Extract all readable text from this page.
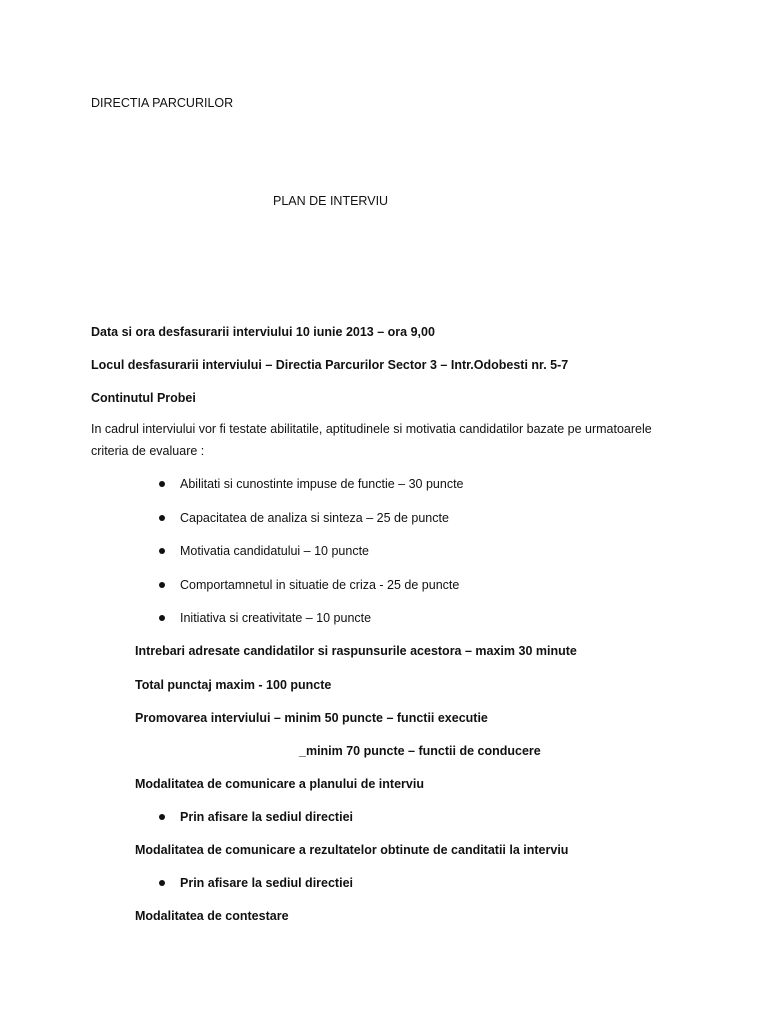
DIRECTIA PARCURILOR
PLAN DE INTERVIU
Data si ora desfasurarii interviului 10 iunie 2013 – ora 9,00
Locul desfasurarii interviului – Directia Parcurilor Sector 3 – Intr.Odobesti nr. 5-7
Continutul Probei
In cadrul interviului vor fi testate abilitatile, aptitudinele si motivatia candidatilor bazate pe urmatoarele criteria de evaluare :
Abilitati si cunostinte impuse de functie – 30 puncte
Capacitatea de analiza si sinteza – 25 de puncte
Motivatia candidatului – 10 puncte
Comportamnetul in situatie de criza - 25 de puncte
Initiativa si creativitate – 10 puncte
Intrebari adresate candidatilor si raspunsurile acestora – maxim 30 minute
Total punctaj maxim - 100 puncte
Promovarea interviului – minim 50 puncte – functii executie
_minim 70 puncte – functii de conducere
Modalitatea de comunicare a planului de interviu
Prin afisare la sediul directiei
Modalitatea de comunicare a rezultatelor obtinute de canditatii la interviu
Prin afisare la sediul directiei
Modalitatea de contestare
